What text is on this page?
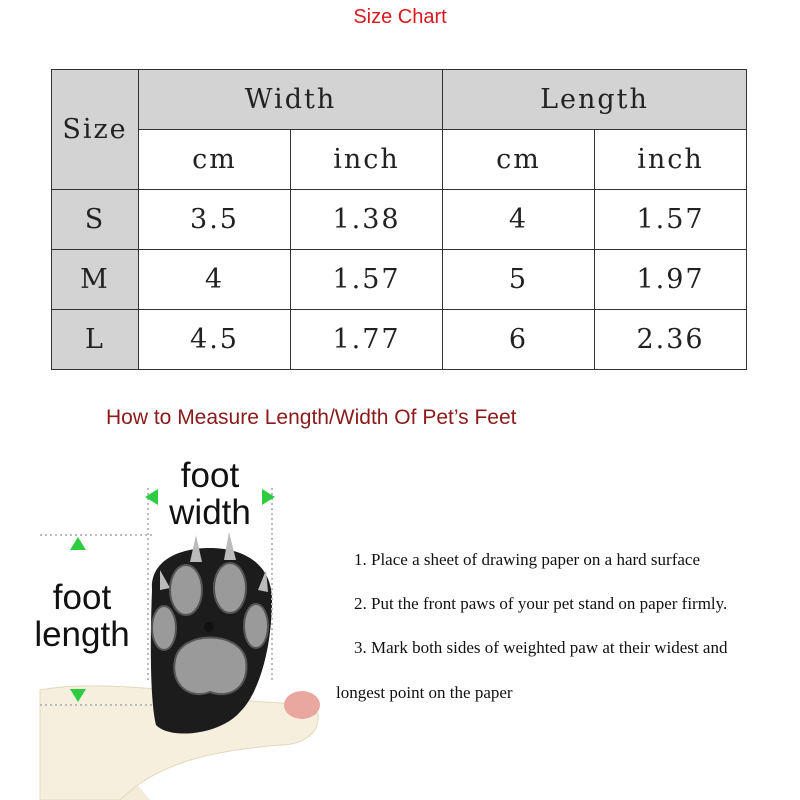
Size Chart
Size	Width		Length	
	cm	inch	cm	inch
S	3.5	1.38	4	1.57
M	4	1.57	5	1.97
L	4.5	1.77	6	2.36
How to Measure Length/Width Of Pet’s Feet
foot width
foot length
1. Place a sheet of drawing paper on a hard surface
2. Put the front paws of your pet stand on paper firmly.
3. Mark both sides of weighted paw at their widest and
longest point on the paper
